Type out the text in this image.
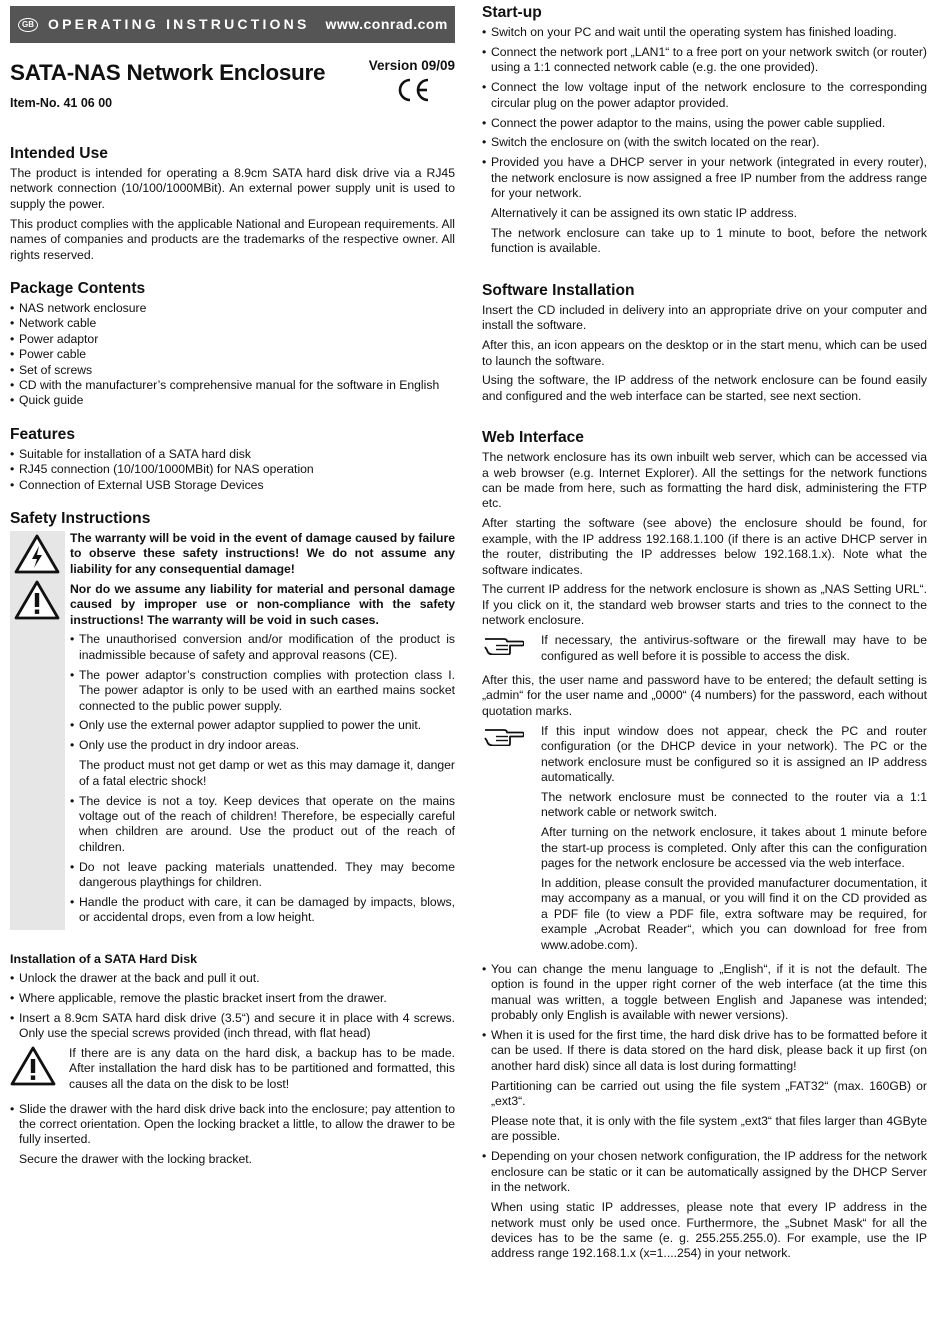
GB OPERATING INSTRUCTIONS www.conrad.com
SATA-NAS Network Enclosure
Item-No. 41 06 00
Version 09/09
Intended Use

The product is intended for operating a 8.9cm SATA hard disk drive via a RJ45 network connection (10/100/1000MBit). An external power supply unit is used to supply the power.

This product complies with the applicable National and European requirements. All names of companies and products are the trademarks of the respective owner. All rights reserved.

Package Contents
• NAS network enclosure
• Network cable
• Power adaptor
• Power cable
• Set of screws
• CD with the manufacturer’s comprehensive manual for the software in English
• Quick guide
Features
• Suitable for installation of a SATA hard disk
• RJ45 connection (10/100/1000MBit) for NAS operation
• Connection of External USB Storage Devices
Safety Instructions

The warranty will be void in the event of damage caused by failure to observe these safety instructions! We do not assume any liability for any consequential damage!

Nor do we assume any liability for material and personal damage caused by improper use or non-compliance with the safety instructions! The warranty will be void in such cases.

• The unauthorised conversion and/or modification of the product is inadmissible because of safety and approval reasons (CE).
• The power adaptor’s construction complies with protection class I. The power adaptor is only to be used with an earthed mains socket connected to the public power supply.
• Only use the external power adaptor supplied to power the unit.
• Only use the product in dry indoor areas.
The product must not get damp or wet as this may damage it, danger of a fatal electric shock!
• The device is not a toy. Keep devices that operate on the mains voltage out of the reach of children! Therefore, be especially careful when children are around. Use the product out of the reach of children.
• Do not leave packing materials unattended. They may become dangerous playthings for children.
• Handle the product with care, it can be damaged by impacts, blows, or accidental drops, even from a low height.
Installation of a SATA Hard Disk
• Unlock the drawer at the back and pull it out.
• Where applicable, remove the plastic bracket insert from the drawer.
• Insert a 8.9cm SATA hard disk drive (3.5“) and secure it in place with 4 screws. Only use the special screws provided (inch thread, with flat head)

If there are is any data on the hard disk, a backup has to be made. After installation the hard disk has to be partitioned and formatted, this causes all the data on the disk to be lost!

• Slide the drawer with the hard disk drive back into the enclosure; pay attention to the correct orientation. Open the locking bracket a little, to allow the drawer to be fully inserted.
Secure the drawer with the locking bracket.
Start-up
• Switch on your PC and wait until the operating system has finished loading.
• Connect the network port „LAN1“ to a free port on your network switch (or router) using a 1:1 connected network cable (e.g. the one provided).
• Connect the low voltage input of the network enclosure to the corresponding circular plug on the power adaptor provided.
• Connect the power adaptor to the mains, using the power cable supplied.
• Switch the enclosure on (with the switch located on the rear).
• Provided you have a DHCP server in your network (integrated in every router), the network enclosure is now assigned a free IP number from the address range for your network.
Alternatively it can be assigned its own static IP address.
The network enclosure can take up to 1 minute to boot, before the network function is available.
Software Installation

Insert the CD included in delivery into an appropriate drive on your computer and install the software.

After this, an icon appears on the desktop or in the start menu, which can be used to launch the software.

Using the software, the IP address of the network enclosure can be found easily and configured and the web interface can be started, see next section.

Web Interface

The network enclosure has its own inbuilt web server, which can be accessed via a web browser (e.g. Internet Explorer). All the settings for the network functions can be made from here, such as formatting the hard disk, administering the FTP etc.

After starting the software (see above) the enclosure should be found, for example, with the IP address 192.168.1.100 (if there is an active DHCP server in the router, distributing the IP addresses below 192.168.1.x). Note what the software indicates.

The current IP address for the network enclosure is shown as „NAS Setting URL“. If you click on it, the standard web browser starts and tries to the connect to the network enclosure.

If necessary, the antivirus-software or the firewall may have to be configured as well before it is possible to access the disk.

After this, the user name and password have to be entered; the default setting is „admin“ for the user name and „0000“ (4 numbers) for the password, each without quotation marks.

If this input window does not appear, check the PC and router configuration (or the DHCP device in your network). The PC or the network enclosure must be configured so it is assigned an IP address automatically.

The network enclosure must be connected to the router via a 1:1 network cable or network switch.

After turning on the network enclosure, it takes about 1 minute before the start-up process is completed. Only after this can the configuration pages for the network enclosure be accessed via the web interface.

In addition, please consult the provided manufacturer documentation, it may accompany as a manual, or you will find it on the CD provided as a PDF file (to view a PDF file, extra software may be required, for example „Acrobat Reader“, which you can download for free from www.adobe.com).

• You can change the menu language to „English“, if it is not the default. The option is found in the upper right corner of the web interface (at the time this manual was written, a toggle between English and Japanese was intended; probably only English is available with newer versions).
• When it is used for the first time, the hard disk drive has to be formatted before it can be used. If there is data stored on the hard disk, please back it up first (on another hard disk) since all data is lost during formatting!
Partitioning can be carried out using the file system „FAT32“ (max. 160GB) or „ext3“.
Please note that, it is only with the file system „ext3“ that files larger than 4GByte are possible.
• Depending on your chosen network configuration, the IP address for the network enclosure can be static or it can be automatically assigned by the DHCP Server in the network.
When using static IP addresses, please note that every IP address in the network must only be used once. Furthermore, the „Subnet Mask“ for all the devices has to be the same (e. g. 255.255.255.0). For example, use the IP address range 192.168.1.x (x=1....254) in your network.
